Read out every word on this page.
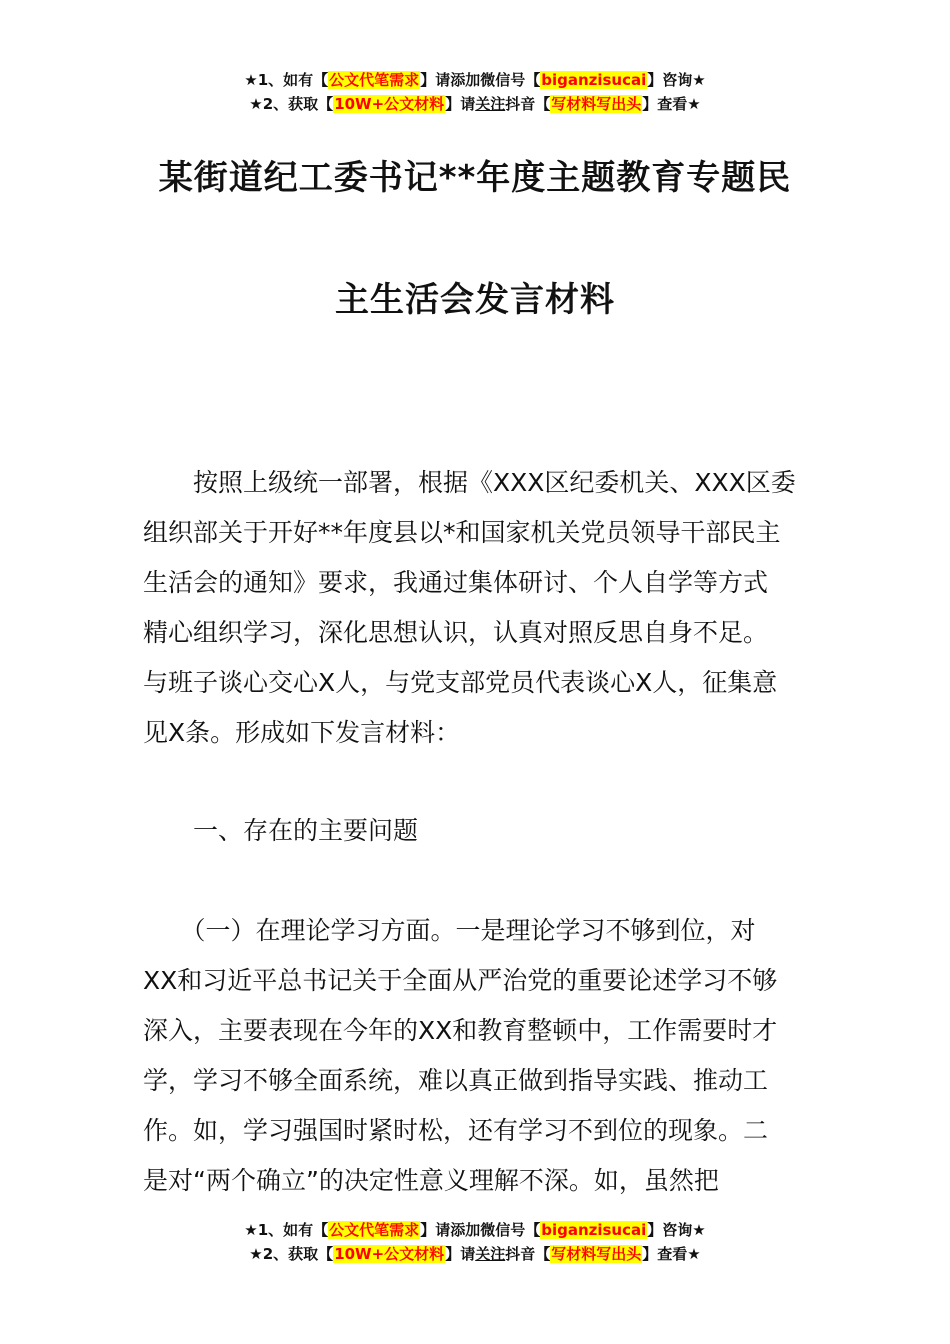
★1、如有【公文代笔需求】请添加微信号【biganzisucai】咨询★
★2、获取【10W+公文材料】请关注抖音【写材料写出头】查看★
某街道纪工委书记**年度主题教育专题民
主生活会发言材料
　　按照上级统一部署，根据《XXX区纪委机关、XXX区委
组织部关于开好**年度县以*和国家机关党员领导干部民主
生活会的通知》要求，我通过集体研讨、个人自学等方式
精心组织学习，深化思想认识，认真对照反思自身不足。
与班子谈心交心X人，与党支部党员代表谈心X人，征集意
见X条。形成如下发言材料：
　　一、存在的主要问题
　　（一）在理论学习方面。一是理论学习不够到位，对
XX和习近平总书记关于全面从严治党的重要论述学习不够
深入，主要表现在今年的XX和教育整顿中，工作需要时才
学，学习不够全面系统，难以真正做到指导实践、推动工
作。如，学习强国时紧时松，还有学习不到位的现象。二
是对“两个确立”的决定性意义理解不深。如，虽然把
★1、如有【公文代笔需求】请添加微信号【biganzisucai】咨询★
★2、获取【10W+公文材料】请关注抖音【写材料写出头】查看★
